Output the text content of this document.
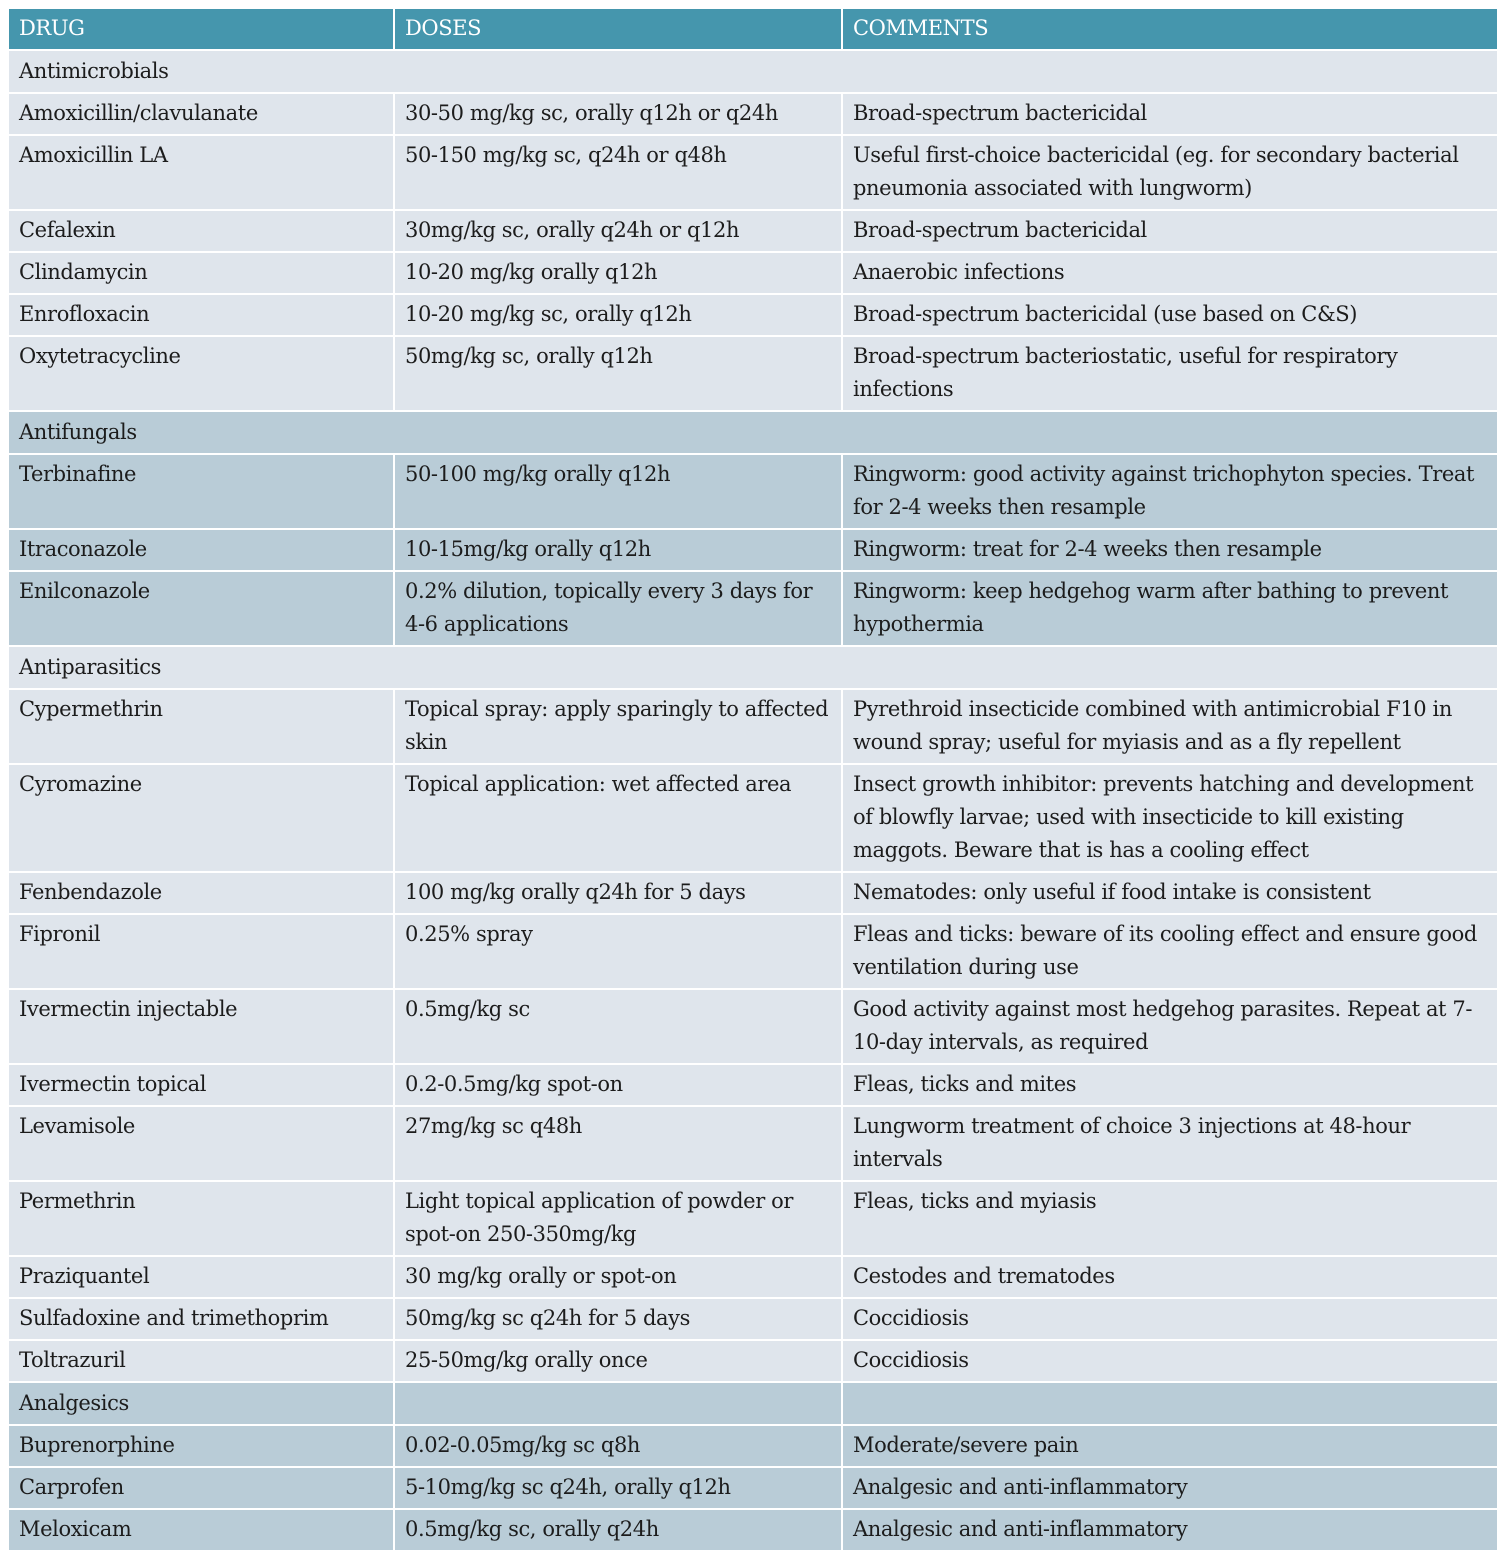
DRUG	DOSES	COMMENTS
Antimicrobials		
Amoxicillin/clavulanate	30-50 mg/kg sc, orally q12h or q24h	Broad-spectrum bactericidal
Amoxicillin LA	50-150 mg/kg sc, q24h or q48h	Useful first-choice bactericidal (eg. for secondary bacterial pneumonia associated with lungworm)
Cefalexin	30mg/kg sc, orally q24h or q12h	Broad-spectrum bactericidal
Clindamycin	10-20 mg/kg orally q12h	Anaerobic infections
Enrofloxacin	10-20 mg/kg sc, orally q12h	Broad-spectrum bactericidal (use based on C&S)
Oxytetracycline	50mg/kg sc, orally q12h	Broad-spectrum bacteriostatic, useful for respiratory infections
Antifungals		
Terbinafine	50-100 mg/kg orally q12h	Ringworm: good activity against trichophyton species. Treat for 2-4 weeks then resample
Itraconazole	10-15mg/kg orally q12h	Ringworm: treat for 2-4 weeks then resample
Enilconazole	0.2% dilution, topically every 3 days for 4-6 applications	Ringworm: keep hedgehog warm after bathing to prevent hypothermia
Antiparasitics		
Cypermethrin	Topical spray: apply sparingly to affected skin	Pyrethroid insecticide combined with antimicrobial F10 in wound spray; useful for myiasis and as a fly repellent
Cyromazine	Topical application: wet affected area	Insect growth inhibitor: prevents hatching and development of blowfly larvae; used with insecticide to kill existing maggots. Beware that is has a cooling effect
Fenbendazole	100 mg/kg orally q24h for 5 days	Nematodes: only useful if food intake is consistent
Fipronil	0.25% spray	Fleas and ticks: beware of its cooling effect and ensure good ventilation during use
Ivermectin injectable	0.5mg/kg sc	Good activity against most hedgehog parasites. Repeat at 7-10-day intervals, as required
Ivermectin topical	0.2-0.5mg/kg spot-on	Fleas, ticks and mites
Levamisole	27mg/kg sc q48h	Lungworm treatment of choice 3 injections at 48-hour intervals
Permethrin	Light topical application of powder or spot-on 250-350mg/kg	Fleas, ticks and myiasis
Praziquantel	30 mg/kg orally or spot-on	Cestodes and trematodes
Sulfadoxine and trimethoprim	50mg/kg sc q24h for 5 days	Coccidiosis
Toltrazuril	25-50mg/kg orally once	Coccidiosis
Analgesics		
Buprenorphine	0.02-0.05mg/kg sc q8h	Moderate/severe pain
Carprofen	5-10mg/kg sc q24h, orally q12h	Analgesic and anti-inflammatory
Meloxicam	0.5mg/kg sc, orally q24h	Analgesic and anti-inflammatory
